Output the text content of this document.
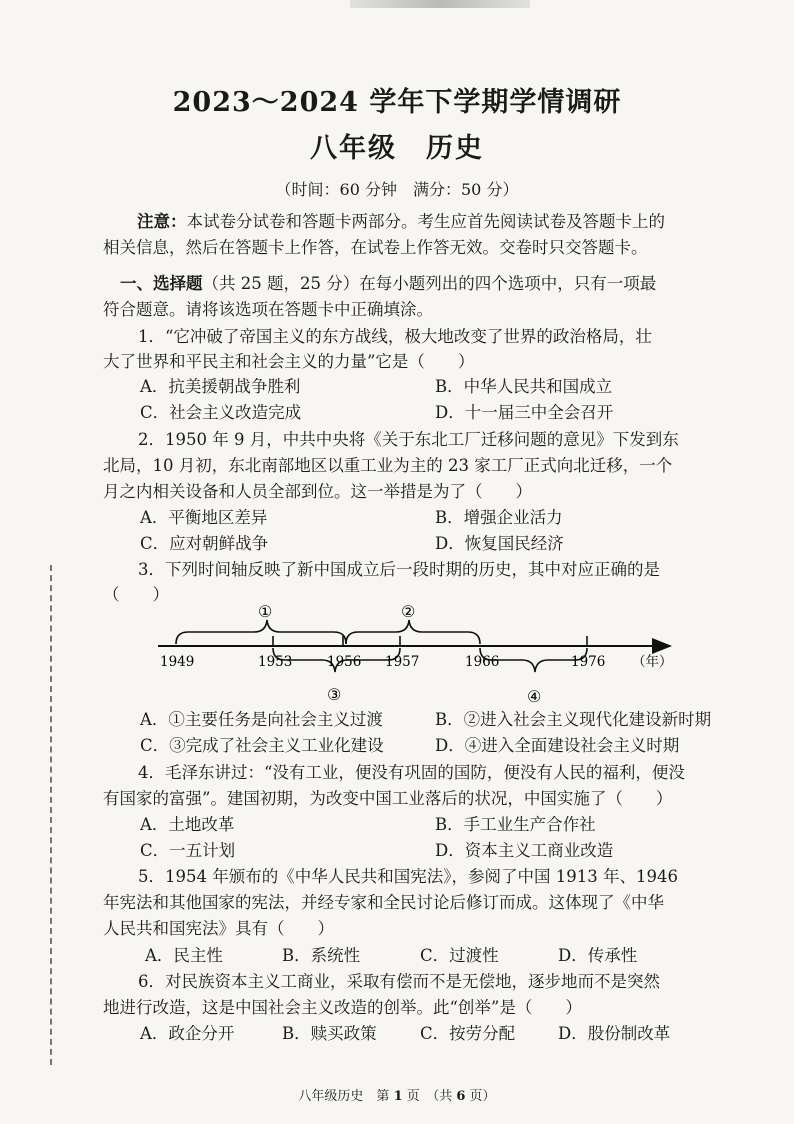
2023～2024 学年下学期学情调研
八年级　历史
（时间：60 分钟　满分：50 分）
注意：本试卷分试卷和答题卡两部分。考生应首先阅读试卷及答题卡上的
相关信息，然后在答题卡上作答，在试卷上作答无效。交卷时只交答题卡。
一、选择题（共 25 题，25 分）在每小题列出的四个选项中，只有一项最
符合题意。请将该选项在答题卡中正确填涂。
1．“它冲破了帝国主义的东方战线，极大地改变了世界的政治格局，壮
大了世界和平民主和社会主义的力量”它是（　　）
A．抗美援朝战争胜利	B．中华人民共和国成立
C．社会主义改造完成	D．十一届三中全会召开
2．1950 年 9 月，中共中央将《关于东北工厂迁移问题的意见》下发到东
北局，10 月初，东北南部地区以重工业为主的 23 家工厂正式向北迁移，一个
月之内相关设备和人员全部到位。这一举措是为了（　　）
A．平衡地区差异	B．增强企业活力
C．应对朝鲜战争	D．恢复国民经济
3．下列时间轴反映了新中国成立后一段时期的历史，其中对应正确的是
（　　）
①	②
③	④
1949	1953	1956 1957	1966	1976 （年）
A．①主要任务是向社会主义过渡	B．②进入社会主义现代化建设新时期
C．③完成了社会主义工业化建设	D．④进入全面建设社会主义时期
4．毛泽东讲过：“没有工业，便没有巩固的国防，便没有人民的福利，便没
有国家的富强”。建国初期，为改变中国工业落后的状况，中国实施了（　　）
A．土地改革	B．手工业生产合作社
C．一五计划	D．资本主义工商业改造
5．1954 年颁布的《中华人民共和国宪法》，参阅了中国 1913 年、1946
年宪法和其他国家的宪法，并经专家和全民讨论后修订而成。这体现了《中华
人民共和国宪法》具有（　　）
A．民主性	B．系统性	C．过渡性	D．传承性
6．对民族资本主义工商业，采取有偿而不是无偿地，逐步地而不是突然
地进行改造，这是中国社会主义改造的创举。此“创举”是（　　）
A．政企分开	B．赎买政策	C．按劳分配	D．股份制改革
八年级历史　第 1 页　（共 6 页）
